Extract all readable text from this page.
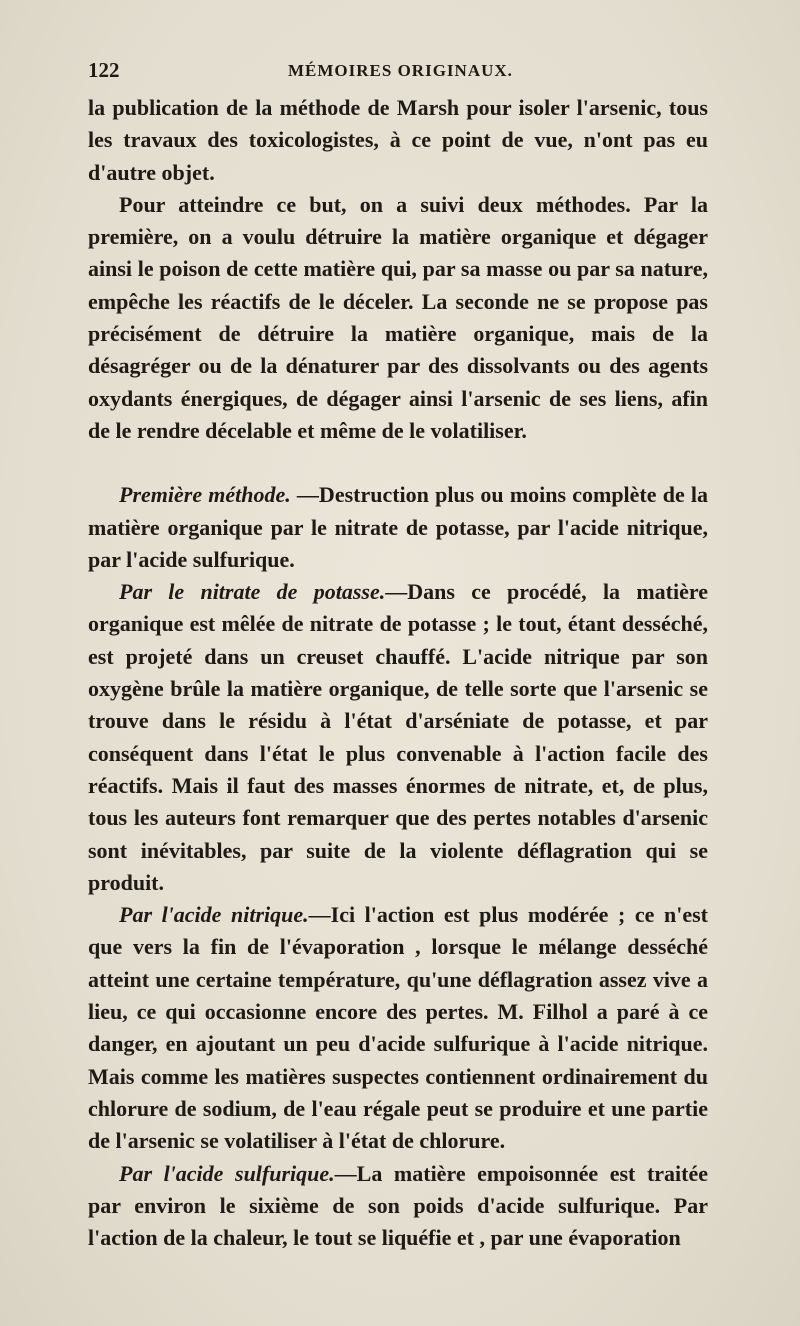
122	MÉMOIRES ORIGINAUX.

la publication de la méthode de Marsh pour isoler l'arsenic, tous les travaux des toxicologistes, à ce point de vue, n'ont pas eu d'autre objet.

Pour atteindre ce but, on a suivi deux méthodes. Par la première, on a voulu détruire la matière organique et dégager ainsi le poison de cette matière qui, par sa masse ou par sa nature, empêche les réactifs de le déceler. La seconde ne se propose pas précisément de détruire la matière organique, mais de la désagréger ou de la dénaturer par des dissolvants ou des agents oxydants énergiques, de dégager ainsi l'arsenic de ses liens, afin de le rendre décelable et même de le volatiliser.

Première méthode. —Destruction plus ou moins complète de la matière organique par le nitrate de potasse, par l'acide nitrique, par l'acide sulfurique.

Par le nitrate de potasse.—Dans ce procédé, la matière organique est mêlée de nitrate de potasse ; le tout, étant desséché, est projeté dans un creuset chauffé. L'acide nitrique par son oxygène brûle la matière organique, de telle sorte que l'arsenic se trouve dans le résidu à l'état d'arséniate de potasse, et par conséquent dans l'état le plus convenable à l'action facile des réactifs. Mais il faut des masses énormes de nitrate, et, de plus, tous les auteurs font remarquer que des pertes notables d'arsenic sont inévitables, par suite de la violente déflagration qui se produit.

Par l'acide nitrique.—Ici l'action est plus modérée ; ce n'est que vers la fin de l'évaporation , lorsque le mélange desséché atteint une certaine température, qu'une déflagration assez vive a lieu, ce qui occasionne encore des pertes. M. Filhol a paré à ce danger, en ajoutant un peu d'acide sulfurique à l'acide nitrique. Mais comme les matières suspectes contiennent ordinairement du chlorure de sodium, de l'eau régale peut se produire et une partie de l'arsenic se volatiliser à l'état de chlorure.

Par l'acide sulfurique.—La matière empoisonnée est traitée par environ le sixième de son poids d'acide sulfurique. Par l'action de la chaleur, le tout se liquéfie et , par une évaporation
